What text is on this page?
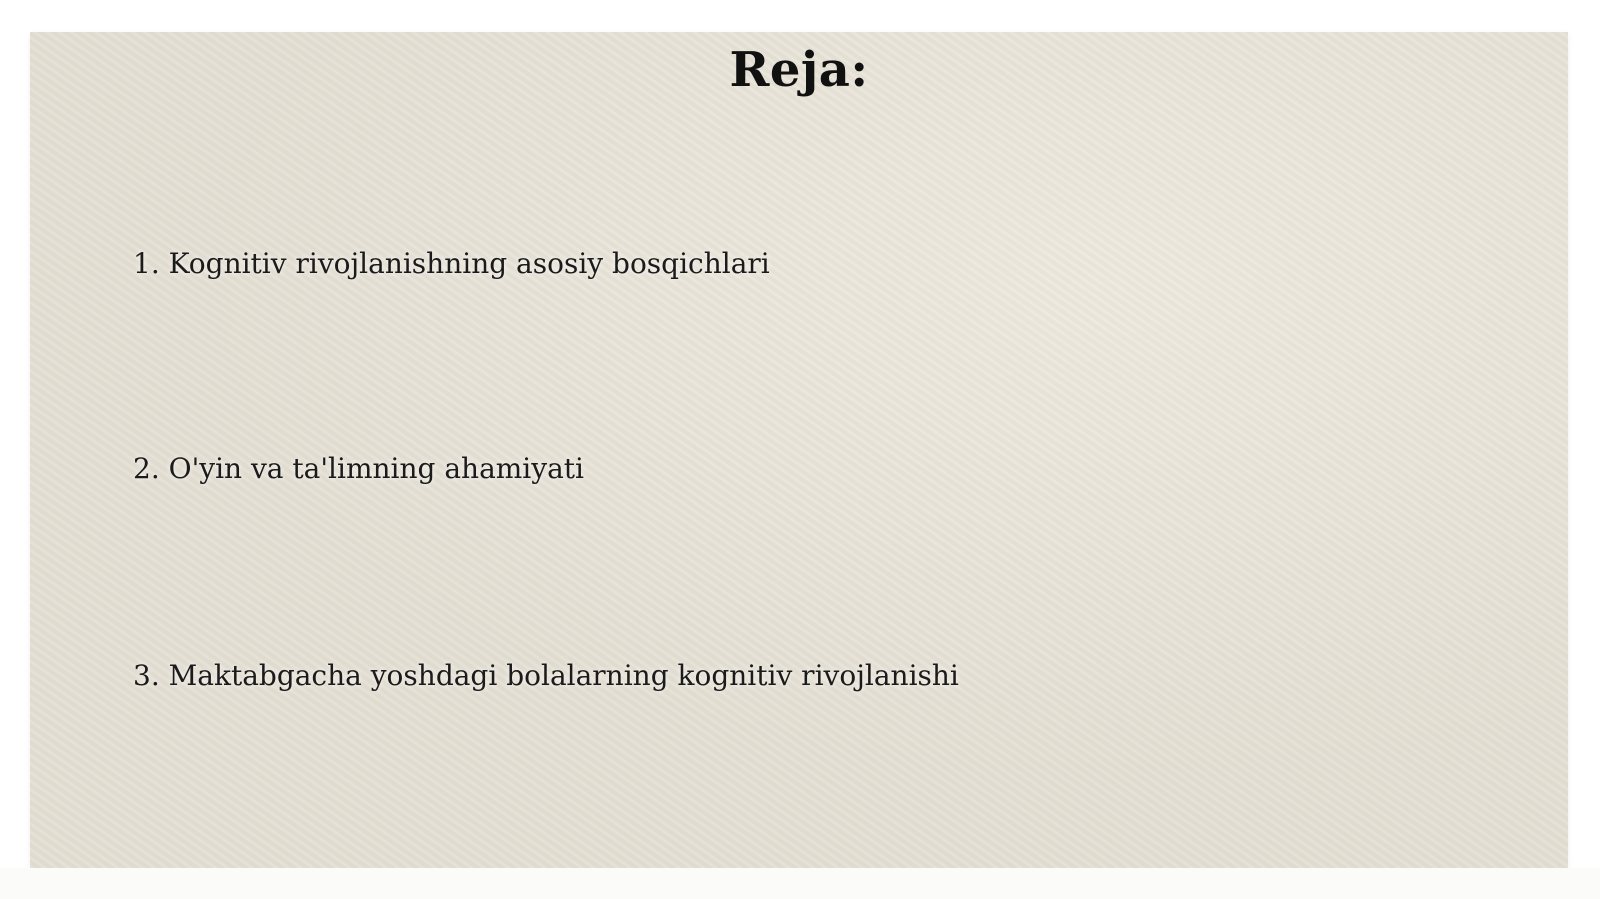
Reja:
1. Kognitiv rivojlanishning asosiy bosqichlari
2. O'yin va ta'limning ahamiyati
3. Maktabgacha yoshdagi bolalarning kognitiv rivojlanishi
